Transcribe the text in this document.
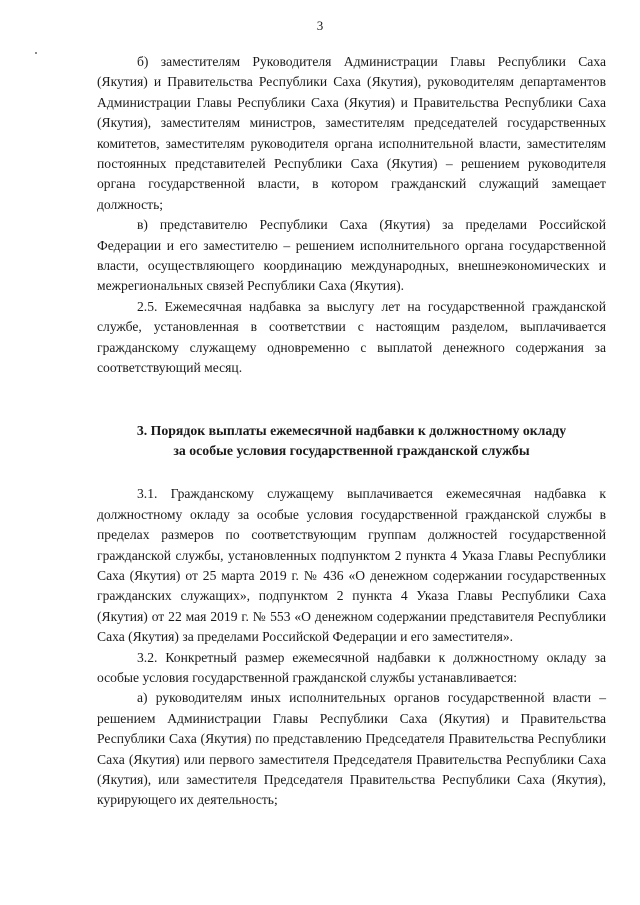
3

б) заместителям Руководителя Администрации Главы Республики Саха (Якутия) и Правительства Республики Саха (Якутия), руководителям департаментов Администрации Главы Республики Саха (Якутия) и Правительства Республики Саха (Якутия), заместителям министров, заместителям председателей государственных комитетов, заместителям руководителя органа исполнительной власти, заместителям постоянных представителей Республики Саха (Якутия) – решением руководителя органа государственной власти, в котором гражданский служащий замещает должность;

в) представителю Республики Саха (Якутия) за пределами Российской Федерации и его заместителю – решением исполнительного органа государственной власти, осуществляющего координацию международных, внешнеэкономических и межрегиональных связей Республики Саха (Якутия).

2.5. Ежемесячная надбавка за выслугу лет на государственной гражданской службе, установленная в соответствии с настоящим разделом, выплачивается гражданскому служащему одновременно с выплатой денежного содержания за соответствующий месяц.

3. Порядок выплаты ежемесячной надбавки к должностному окладу
за особые условия государственной гражданской службы

3.1. Гражданскому служащему выплачивается ежемесячная надбавка к должностному окладу за особые условия государственной гражданской службы в пределах размеров по соответствующим группам должностей государственной гражданской службы, установленных подпунктом 2 пункта 4 Указа Главы Республики Саха (Якутия) от 25 марта 2019 г. № 436 «О денежном содержании государственных гражданских служащих», подпунктом 2 пункта 4 Указа Главы Республики Саха (Якутия) от 22 мая 2019 г. № 553 «О денежном содержании представителя Республики Саха (Якутия) за пределами Российской Федерации и его заместителя».

3.2. Конкретный размер ежемесячной надбавки к должностному окладу за особые условия государственной гражданской службы устанавливается:

а) руководителям иных исполнительных органов государственной власти – решением Администрации Главы Республики Саха (Якутия) и Правительства Республики Саха (Якутия) по представлению Председателя Правительства Республики Саха (Якутия) или первого заместителя Председателя Правительства Республики Саха (Якутия), или заместителя Председателя Правительства Республики Саха (Якутия), курирующего их деятельность;
